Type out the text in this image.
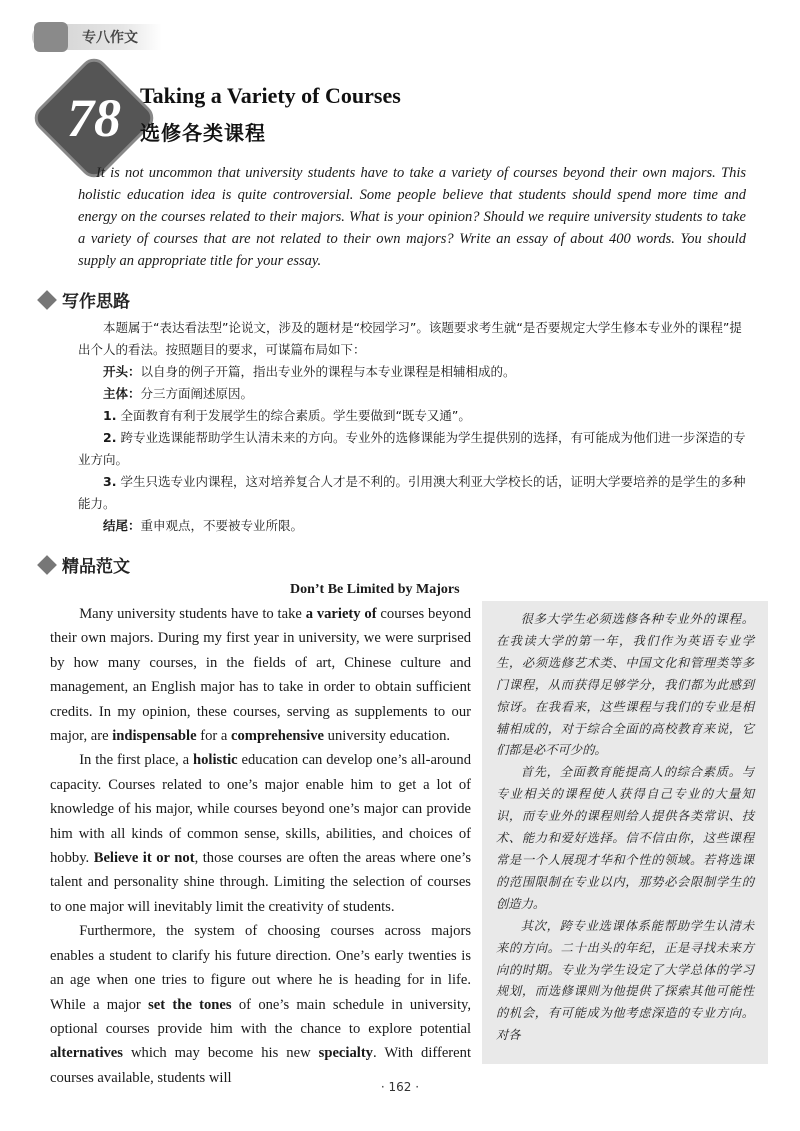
专八作文
78 Taking a Variety of Courses
选修各类课程
It is not uncommon that university students have to take a variety of courses beyond their own majors. This holistic education idea is quite controversial. Some people believe that students should spend more time and energy on the courses related to their majors. What is your opinion? Should we require university students to take a variety of courses that are not related to their own majors? Write an essay of about 400 words. You should supply an appropriate title for your essay.
写作思路

本题属于“表达看法型”论说文，涉及的题材是“校园学习”。该题要求考生就“是否要规定大学生修本专业外的课程”提出个人的看法。按照题目的要求，可谋篇布局如下：

开头：以自身的例子开篇，指出专业外的课程与本专业课程是相辅相成的。

主体：分三方面阐述原因。

1. 全面教育有利于发展学生的综合素质。学生要做到“既专又通”。

2. 跨专业选课能帮助学生认清未来的方向。专业外的选修课能为学生提供别的选择，有可能成为他们进一步深造的专业方向。

3. 学生只选专业内课程，这对培养复合人才是不利的。引用澳大利亚大学校长的话，证明大学要培养的是学生的多种能力。

结尾：重申观点，不要被专业所限。

精品范文
Don’t Be Limited by Majors

Many university students have to take a variety of courses beyond their own majors. During my first year in university, we were surprised by how many courses, in the fields of art, Chinese culture and management, an English major has to take in order to obtain sufficient credits. In my opinion, these courses, serving as supplements to our major, are indispensable for a comprehensive university education.

In the first place, a holistic education can develop one’s all-around capacity. Courses related to one’s major enable him to get a lot of knowledge of his major, while courses beyond one’s major can provide him with all kinds of common sense, skills, abilities, and choices of hobby. Believe it or not, those courses are often the areas where one’s talent and personality shine through. Limiting the selection of courses to one major will inevitably limit the creativity of students.

Furthermore, the system of choosing courses across majors enables a student to clarify his future direction. One’s early twenties is an age when one tries to figure out where he is heading for in life. While a major set the tones of one’s main schedule in university, optional courses provide him with the chance to explore potential alternatives which may become his new specialty. With different courses available, students will

很多大学生必须选修各种专业外的课程。在我读大学的第一年，我们作为英语专业学生，必须选修艺术类、中国文化和管理类等多门课程，从而获得足够学分，我们都为此感到惊讶。在我看来，这些课程与我们的专业是相辅相成的，对于综合全面的高校教育来说，它们都是必不可少的。

首先，全面教育能提高人的综合素质。与专业相关的课程使人获得自己专业的大量知识，而专业外的课程则给人提供各类常识、技术、能力和爱好选择。信不信由你，这些课程常是一个人展现才华和个性的领域。若将选课的范围限制在专业以内，那势必会限制学生的创造力。

其次，跨专业选课体系能帮助学生认清未来的方向。二十出头的年纪，正是寻找未来方向的时期。专业为学生设定了大学总体的学习规划，而选修课则为他提供了探索其他可能性的机会，有可能成为他考虑深造的专业方向。对各

· 162 ·
